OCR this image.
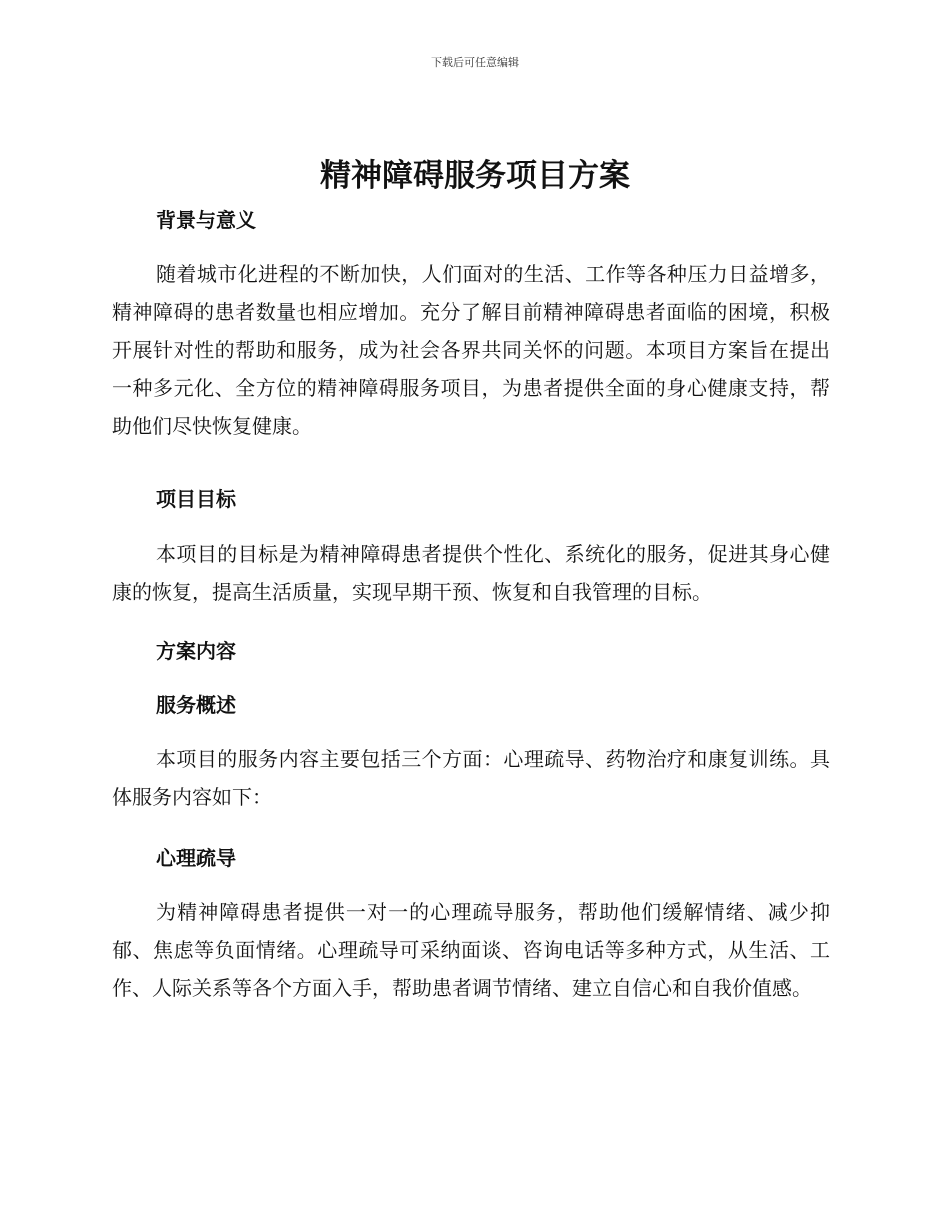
下载后可任意编辑
精神障碍服务项目方案
背景与意义

随着城市化进程的不断加快，人们面对的生活、工作等各种压力日益增多，精神障碍的患者数量也相应增加。充分了解目前精神障碍患者面临的困境，积极开展针对性的帮助和服务，成为社会各界共同关怀的问题。本项目方案旨在提出一种多元化、全方位的精神障碍服务项目，为患者提供全面的身心健康支持，帮助他们尽快恢复健康。

项目目标

本项目的目标是为精神障碍患者提供个性化、系统化的服务，促进其身心健康的恢复，提高生活质量，实现早期干预、恢复和自我管理的目标。

方案内容
服务概述

本项目的服务内容主要包括三个方面：心理疏导、药物治疗和康复训练。具体服务内容如下：

心理疏导

为精神障碍患者提供一对一的心理疏导服务，帮助他们缓解情绪、减少抑郁、焦虑等负面情绪。心理疏导可采纳面谈、咨询电话等多种方式，从生活、工作、人际关系等各个方面入手，帮助患者调节情绪、建立自信心和自我价值感。
